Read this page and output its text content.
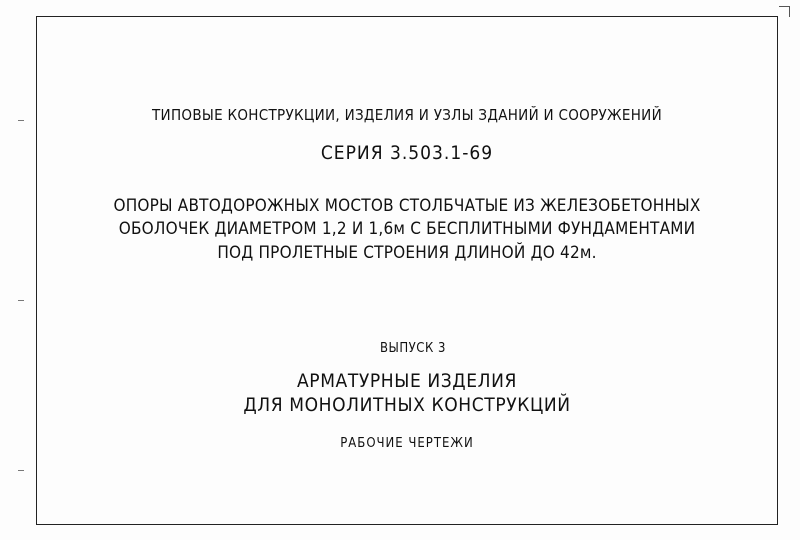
ТИПОВЫЕ КОНСТРУКЦИИ, ИЗДЕЛИЯ И УЗЛЫ ЗДАНИЙ И СООРУЖЕНИЙ
СЕРИЯ 3.503.1-69
ОПОРЫ АВТОДОРОЖНЫХ МОСТОВ СТОЛБЧАТЫЕ ИЗ ЖЕЛЕЗОБЕТОННЫХ
ОБОЛОЧЕК ДИАМЕТРОМ 1,2 И 1,6м С БЕСПЛИТНЫМИ ФУНДАМЕНТАМИ
ПОД ПРОЛЕТНЫЕ СТРОЕНИЯ ДЛИНОЙ ДО 42м.
ВЫПУСК 3
АРМАТУРНЫЕ ИЗДЕЛИЯ
ДЛЯ МОНОЛИТНЫХ КОНСТРУКЦИЙ
РАБОЧИЕ ЧЕРТЕЖИ
